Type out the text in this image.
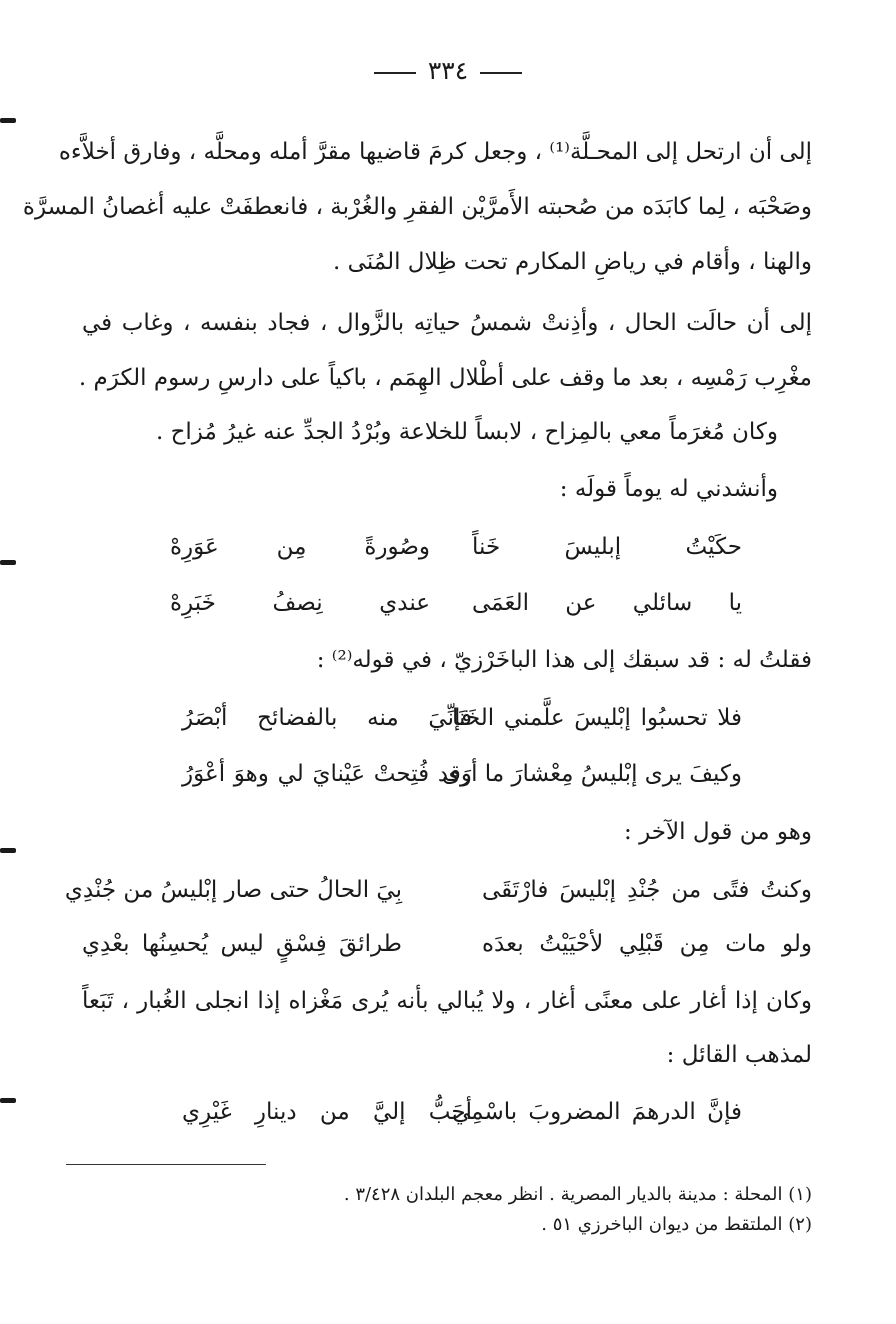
٣٣٤
إلى أن ارتحل إلى المحـلَّة⁽¹⁾ ، وجعل كرمَ قاضيها مقرَّ أمله ومحلَّه ، وفارق أخلاَّءه
وصَحْبَه ، لِما كابَدَه من صُحبته الأَمرَّيْن الفقرِ والغُرْبة ، فانعطفَتْ عليه أغصانُ المسرَّة
والهنا ، وأقام في رياضِ المكارم تحت ظِلال المُنَى .
إلى أن حالَت الحال ، وأذِنتْ شمسُ حياتِه بالزَّوال ، فجاد بنفسه ، وغاب في
مغْرِب رَمْسِه ، بعد ما وقف على أطْلال الهِمَم ، باكياً على دارسِ رسوم الكرَم .
وكان مُغرَماً معي بالمِزاح ، لابساً للخلاعة وبُرْدُ الجدِّ عنه غيرُ مُزاح .
وأنشدني له يوماً قولَه :
حكَيْتُ إبليسَ خَناً
وصُورةً مِن عَوَرِهْ
يا سائلي عن العَمَى
عندي نِصفُ خَبَرِهْ
فقلتُ له : قد سبقك إلى هذا الباخَرْزيّ ، في قوله⁽²⁾ :
فلا تحسبُوا إبْليسَ علَّمني الخَنَا
فإنِّيَ منه بالفضائح أبْصَرُ
وكيفَ يرى إبْليسُ مِعْشارَ ما أرَى
وقد فُتِحتْ عَيْنايَ لي وهوَ أعْوَرُ
وهو من قول الآخر :
وكنتُ فتًى من جُنْدِ إبْليسَ فارْتَقَى
بِيَ الحالُ حتى صار إبْليسُ من جُنْدِي
ولو مات مِن قَبْلِي لأحْيَيْتُ بعدَه
طرائقَ فِسْقٍ ليس يُحسِنُها بعْدِي
وكان إذا أغار على معنًى أغار ، ولا يُبالي بأنه يُرى مَغْزاه إذا انجلى الغُبار ، تَبَعاً
لمذهب القائل :
فإنَّ الدرهمَ المضروبَ باسْمِي
أحَبُّ إليَّ من دينارِ غَيْرِي
(١) المحلة : مدينة بالديار المصرية . انظر معجم البلدان ٣/٤٢٨ .
(٢) الملتقط من ديوان الباخرزي ٥١ .
